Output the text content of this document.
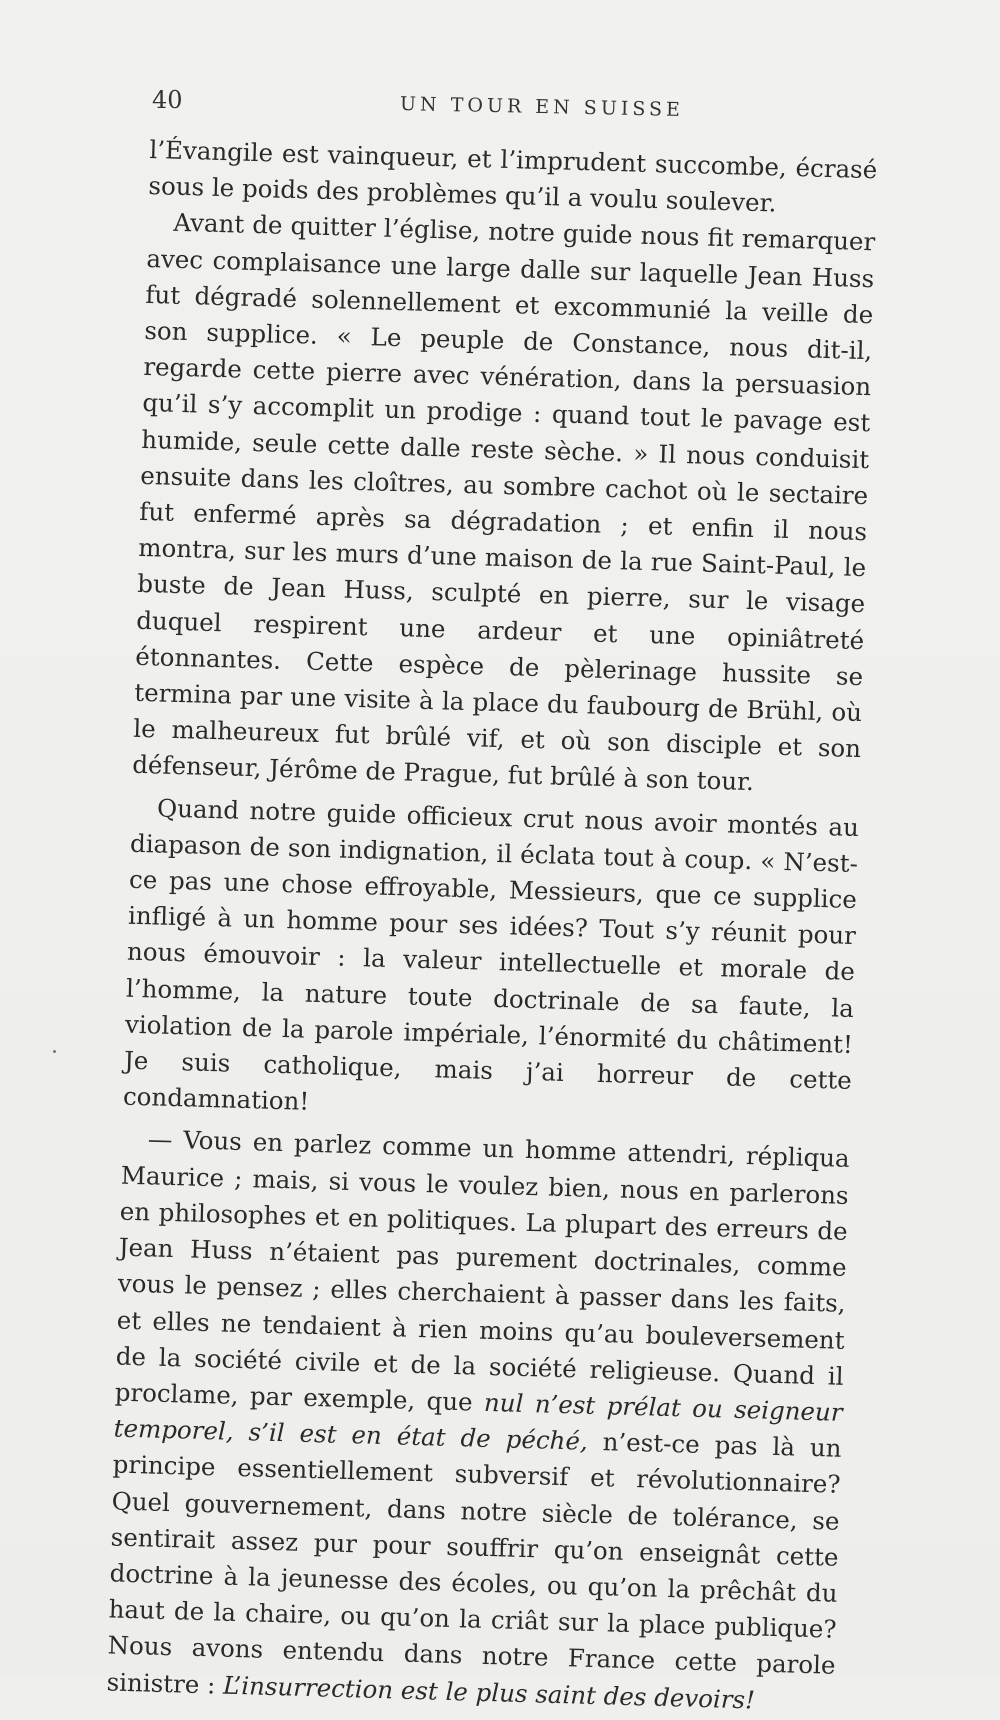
40	UN TOUR EN SUISSE

l’Évangile est vainqueur, et l’imprudent succombe, écrasé sous le poids des problèmes qu’il a voulu soulever.

Avant de quitter l’église, notre guide nous fit remarquer avec complaisance une large dalle sur laquelle Jean Huss fut dégradé solennellement et excommunié la veille de son supplice. « Le peuple de Constance, nous dit-il, regarde cette pierre avec vénération, dans la persuasion qu’il s’y accomplit un prodige : quand tout le pavage est humide, seule cette dalle reste sèche. » Il nous conduisit ensuite dans les cloîtres, au sombre cachot où le sectaire fut enfermé après sa dégradation ; et enfin il nous montra, sur les murs d’une maison de la rue Saint-Paul, le buste de Jean Huss, sculpté en pierre, sur le visage duquel respirent une ardeur et une opiniâtreté étonnantes. Cette espèce de pèlerinage hussite se termina par une visite à la place du faubourg de Brühl, où le malheureux fut brûlé vif, et où son disciple et son défenseur, Jérôme de Prague, fut brûlé à son tour.

Quand notre guide officieux crut nous avoir montés au diapason de son indignation, il éclata tout à coup. « N’est-ce pas une chose effroyable, Messieurs, que ce supplice infligé à un homme pour ses idées? Tout s’y réunit pour nous émouvoir : la valeur intellectuelle et morale de l’homme, la nature toute doctrinale de sa faute, la violation de la parole impériale, l’énormité du châtiment! Je suis catholique, mais j’ai horreur de cette condamnation!

— Vous en parlez comme un homme attendri, répliqua Maurice ; mais, si vous le voulez bien, nous en parlerons en philosophes et en politiques. La plupart des erreurs de Jean Huss n’étaient pas purement doctrinales, comme vous le pensez ; elles cherchaient à passer dans les faits, et elles ne tendaient à rien moins qu’au bouleversement de la société civile et de la société religieuse. Quand il proclame, par exemple, que nul n’est prélat ou seigneur temporel, s’il est en état de péché, n’est-ce pas là un principe essentiellement subversif et révolutionnaire? Quel gouvernement, dans notre siècle de tolérance, se sentirait assez pur pour souffrir qu’on enseignât cette doctrine à la jeunesse des écoles, ou qu’on la prêchât du haut de la chaire, ou qu’on la criât sur la place publique? Nous avons entendu dans notre France cette parole sinistre : L’insurrection est le plus saint des devoirs!
